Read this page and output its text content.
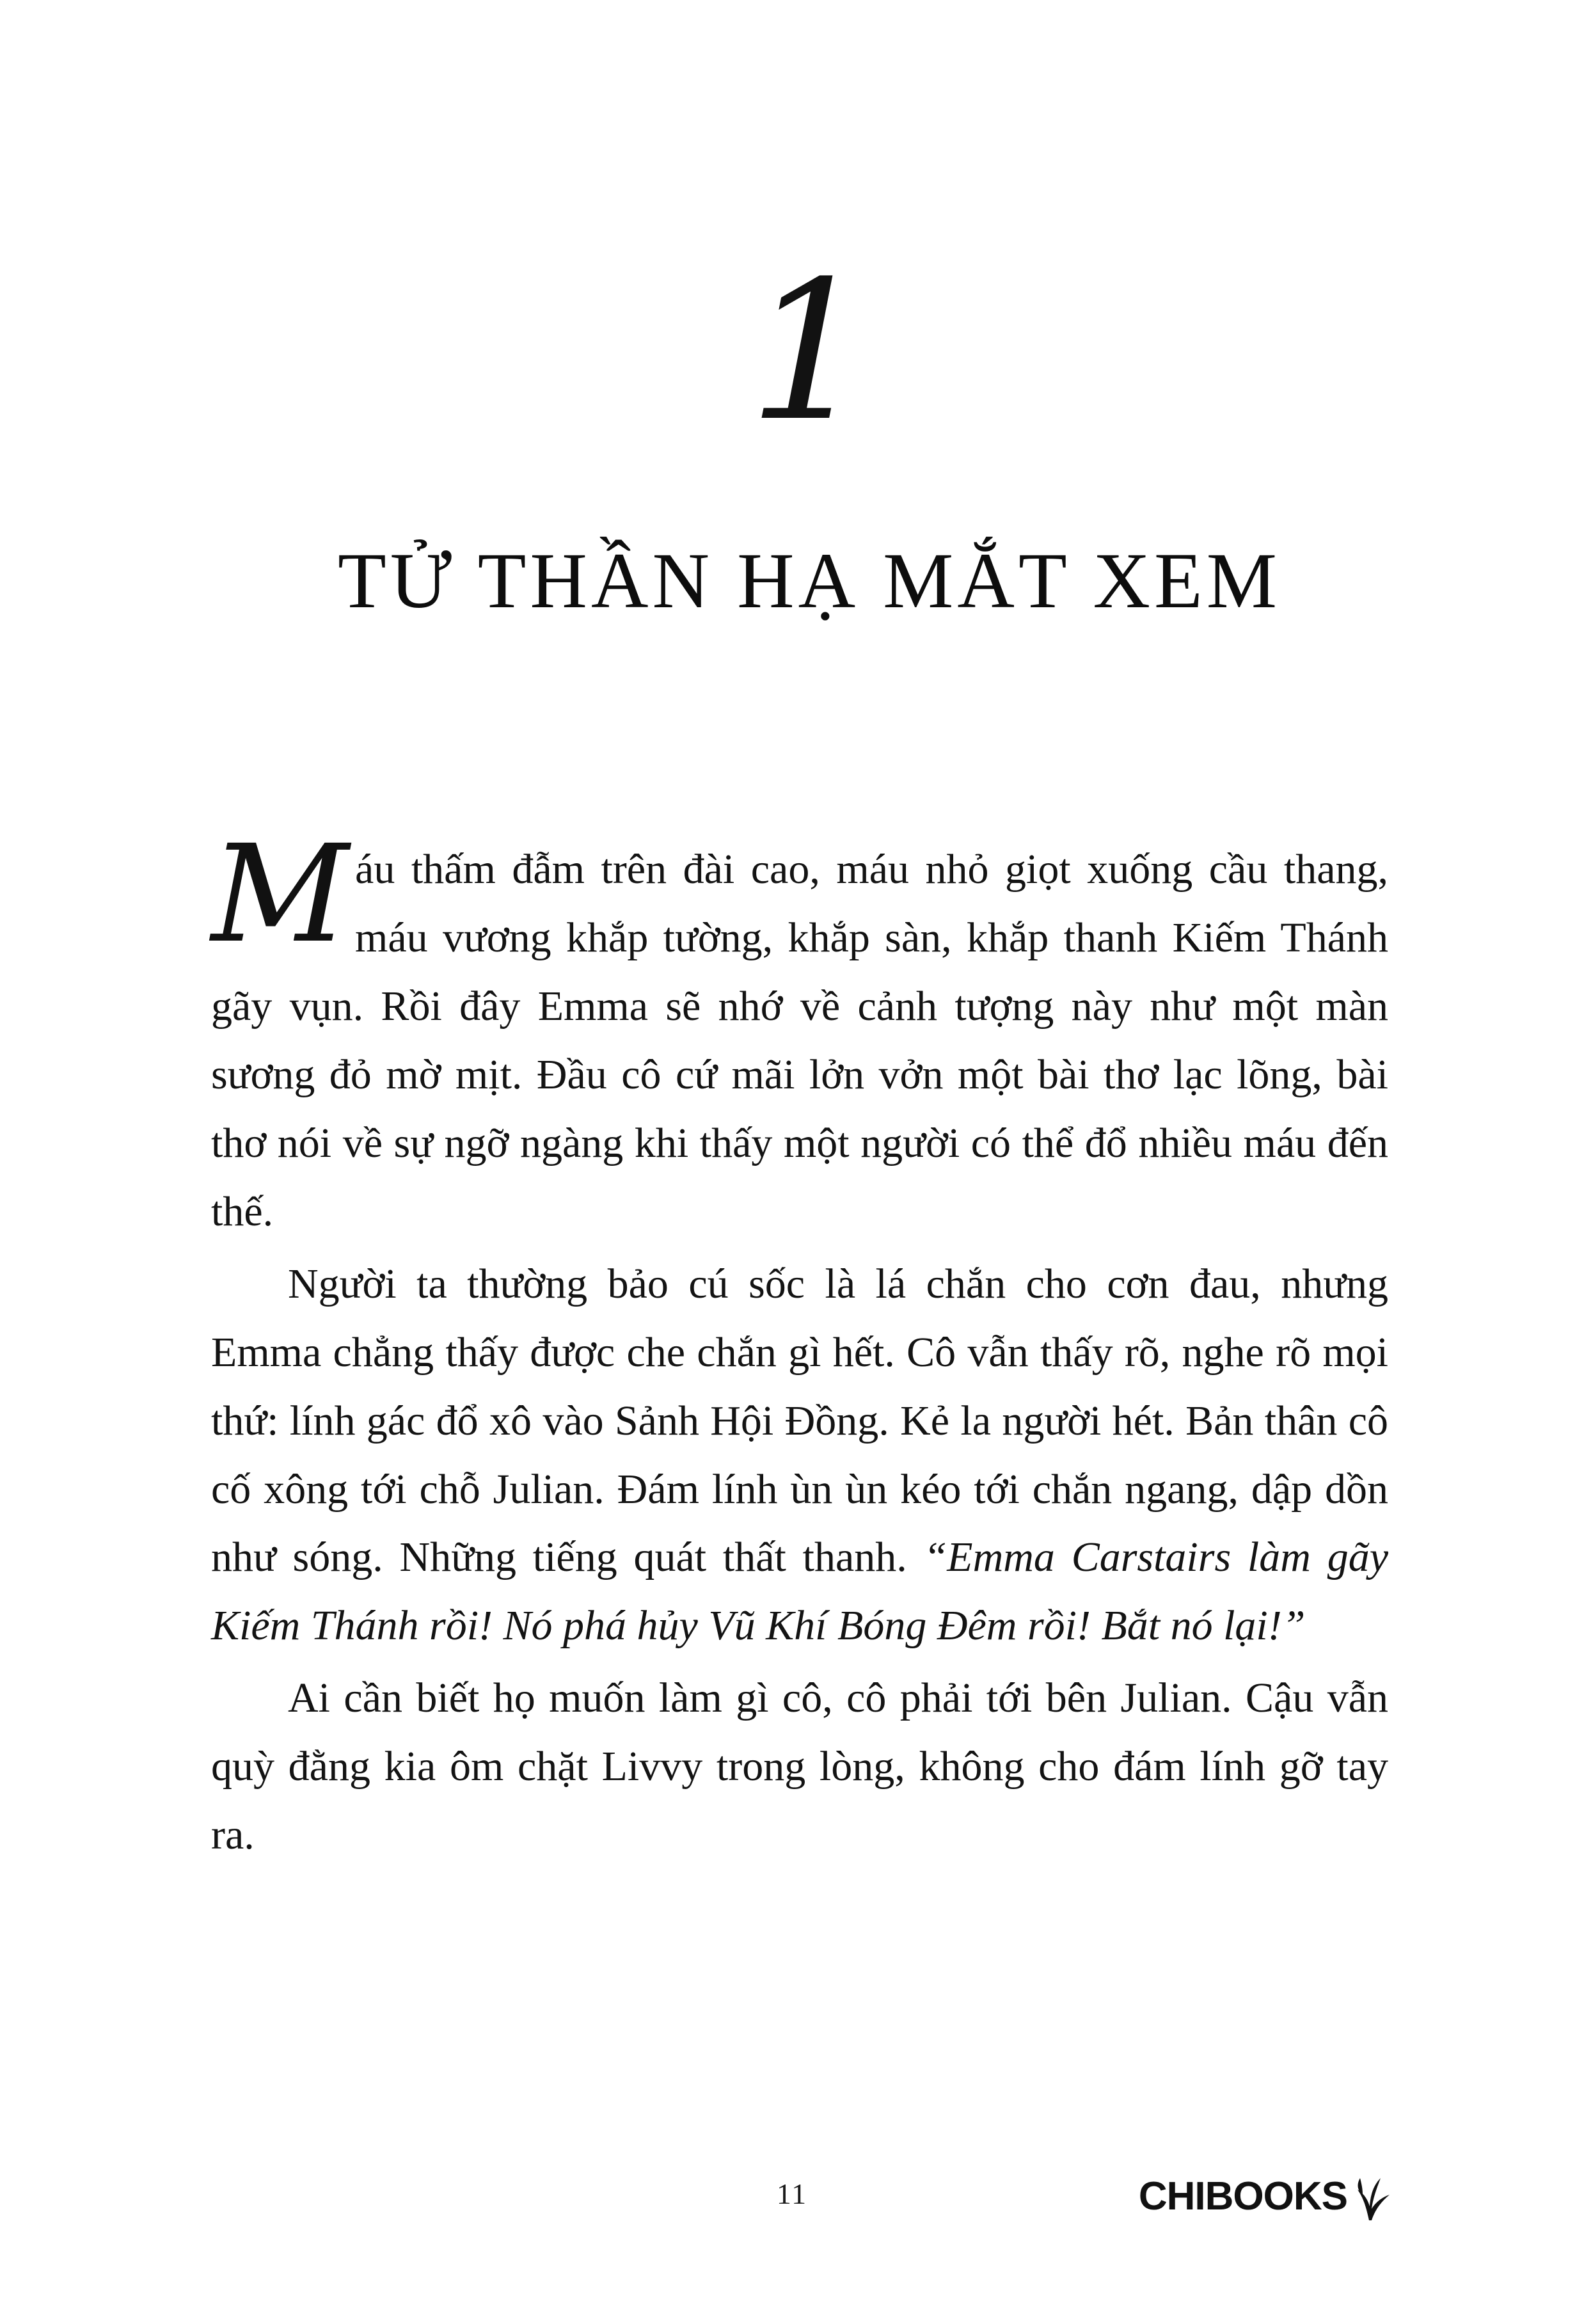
1
TỬ THẦN HẠ MẮT XEM

Máu thấm đẫm trên đài cao, máu nhỏ giọt xuống cầu thang, máu vương khắp tường, khắp sàn, khắp thanh Kiếm Thánh gãy vụn. Rồi đây Emma sẽ nhớ về cảnh tượng này như một màn sương đỏ mờ mịt. Đầu cô cứ mãi lởn vởn một bài thơ lạc lõng, bài thơ nói về sự ngỡ ngàng khi thấy một người có thể đổ nhiều máu đến thế.

Người ta thường bảo cú sốc là lá chắn cho cơn đau, nhưng Emma chẳng thấy được che chắn gì hết. Cô vẫn thấy rõ, nghe rõ mọi thứ: lính gác đổ xô vào Sảnh Hội Đồng. Kẻ la người hét. Bản thân cô cố xông tới chỗ Julian. Đám lính ùn ùn kéo tới chắn ngang, dập dồn như sóng. Những tiếng quát thất thanh. “Emma Carstairs làm gãy Kiếm Thánh rồi! Nó phá hủy Vũ Khí Bóng Đêm rồi! Bắt nó lại!”

Ai cần biết họ muốn làm gì cô, cô phải tới bên Julian. Cậu vẫn quỳ đằng kia ôm chặt Livvy trong lòng, không cho đám lính gỡ tay ra.

11	CHIBOOKS
